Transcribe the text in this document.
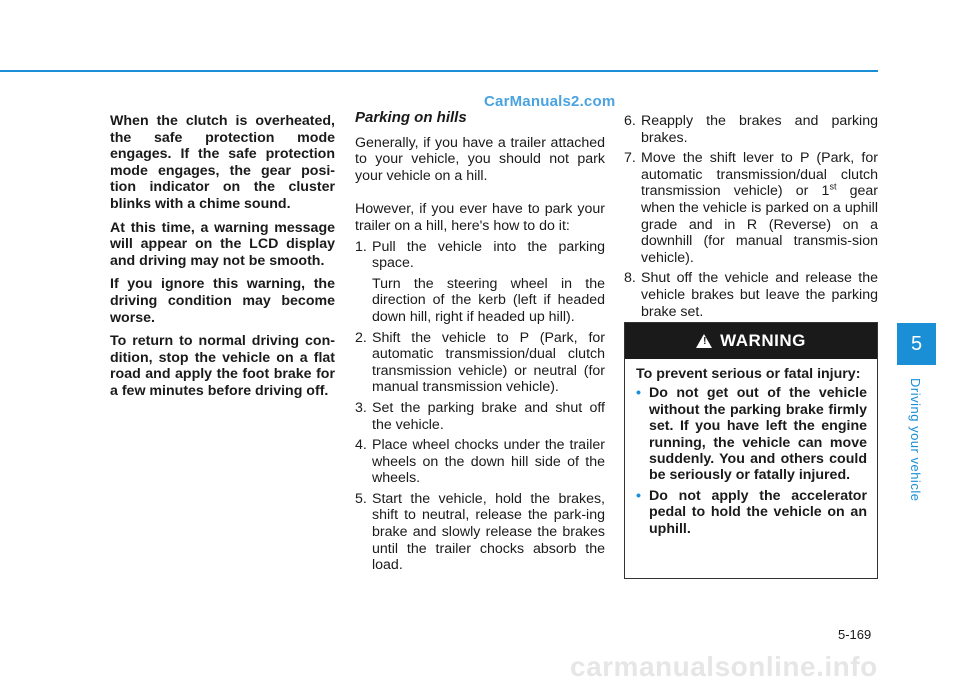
CarManuals2.com

When the clutch is overheated, the safe protection mode engages. If the safe protection mode engages, the gear posi-tion indicator on the cluster blinks with a chime sound.

At this time, a warning message will appear on the LCD display and driving may not be smooth.

If you ignore this warning, the driving condition may become worse.

To return to normal driving con-dition, stop the vehicle on a flat road and apply the foot brake for a few minutes before driving off.

Parking on hills
Generally, if you have a trailer attached to your vehicle, you should not park your vehicle on a hill.
However, if you ever have to park your trailer on a hill, here's how to do it:
1. Pull the vehicle into the parking space.
Turn the steering wheel in the direction of the kerb (left if headed down hill, right if headed up hill).
2. Shift the vehicle to P (Park, for automatic transmission/dual clutch transmission vehicle) or neutral (for manual transmission vehicle).
3. Set the parking brake and shut off the vehicle.
4. Place wheel chocks under the trailer wheels on the down hill side of the wheels.
5. Start the vehicle, hold the brakes, shift to neutral, release the park-ing brake and slowly release the brakes until the trailer chocks absorb the load.
6. Reapply the brakes and parking brakes.
7. Move the shift lever to P (Park, for automatic transmission/dual clutch transmission vehicle) or 1st gear when the vehicle is parked on a uphill grade and in R (Reverse) on a downhill (for manual transmis-sion vehicle).
8. Shut off the vehicle and release the vehicle brakes but leave the parking brake set.
! WARNING
To prevent serious or fatal injury:
• Do not get out of the vehicle without the parking brake firmly set. If you have left the engine running, the vehicle can move suddenly. You and others could be seriously or fatally injured.
• Do not apply the accelerator pedal to hold the vehicle on an uphill.
5
Driving your vehicle
5-169
carmanualsonline.info
